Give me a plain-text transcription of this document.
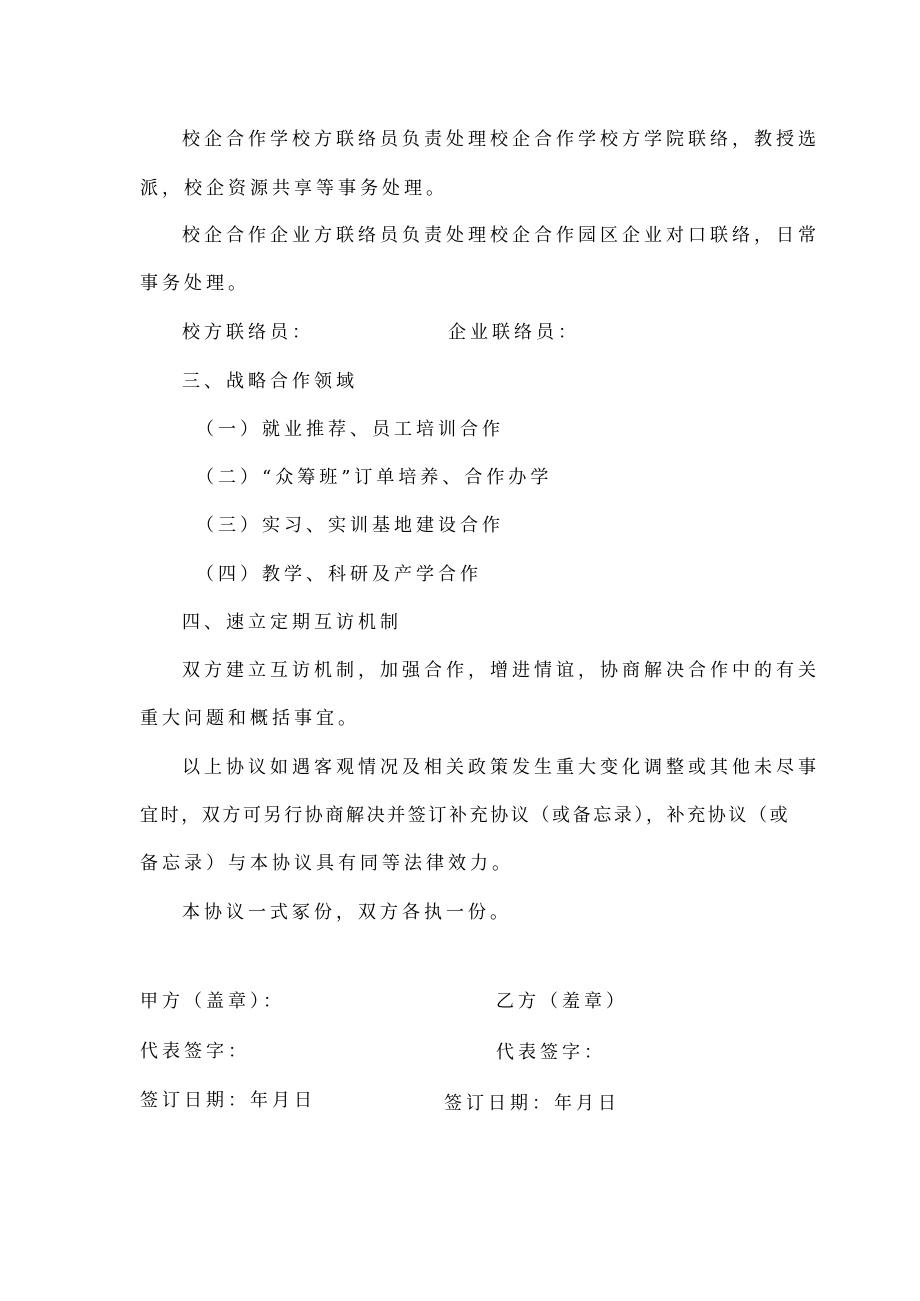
校企合作学校方联络员负责处理校企合作学校方学院联络，教授选
派，校企资源共享等事务处理。
校企合作企业方联络员负责处理校企合作园区企业对口联络，日常
事务处理。
校方联络员：	企业联络员：
三、战略合作领域
（一）就业推荐、员工培训合作
（二）“众筹班”订单培养、合作办学
（三）实习、实训基地建设合作
（四）教学、科研及产学合作
四、速立定期互访机制
双方建立互访机制，加强合作，增进情谊，协商解决合作中的有关
重大问题和概括事宜。
以上协议如遇客观情况及相关政策发生重大变化调整或其他未尽事
宜时，双方可另行协商解决并签订补充协议（或备忘录），补充协议（或
备忘录）与本协议具有同等法律效力。
本协议一式冢份，双方各执一份。
甲方（盖章）：	乙方（羞章）
代表签字：	代表签字：
签订日期：年月日	签订日期：年月日
